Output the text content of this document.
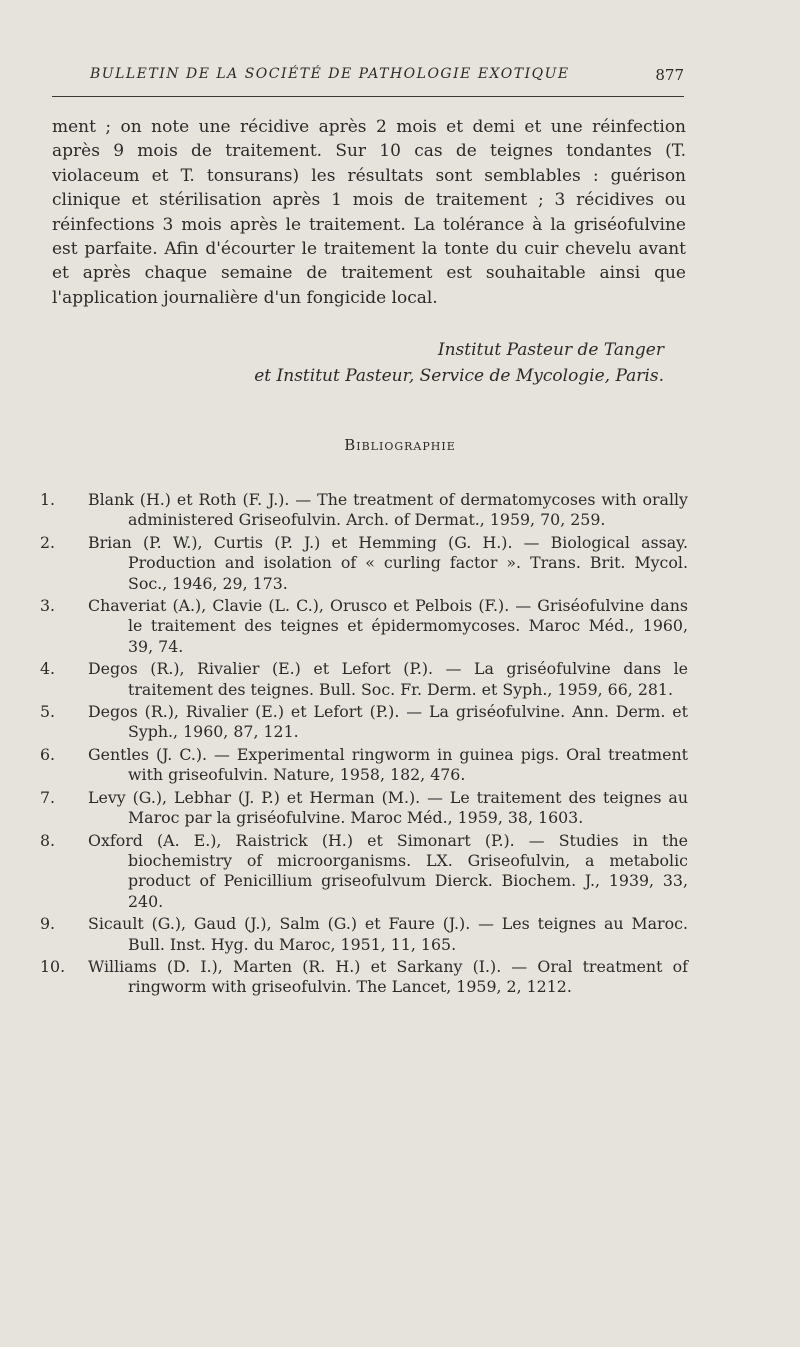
BULLETIN DE LA SOCIÉTÉ DE PATHOLOGIE EXOTIQUE	877

ment ; on note une récidive après 2 mois et demi et une réinfection après 9 mois de traitement. Sur 10 cas de teignes tondantes (T. violaceum et T. tonsurans) les résultats sont semblables : guérison clinique et stérilisation après 1 mois de traitement ; 3 récidives ou réinfections 3 mois après le traitement. La tolérance à la griséofulvine est parfaite. Afin d'écourter le traitement la tonte du cuir chevelu avant et après chaque semaine de traitement est souhaitable ainsi que l'application journalière d'un fongicide local.

Institut Pasteur de Tanger
et Institut Pasteur, Service de Mycologie, Paris.
Bibliographie
1.	Blank (H.) et Roth (F. J.). — The treatment of dermatomycoses with orally administered Griseofulvin. Arch. of Dermat., 1959, 70, 259.
2.	Brian (P. W.), Curtis (P. J.) et Hemming (G. H.). — Biological assay. Production and isolation of « curling factor ». Trans. Brit. Mycol. Soc., 1946, 29, 173.
3.	Chaveriat (A.), Clavie (L. C.), Orusco et Pelbois (F.). — Griséofulvine dans le traitement des teignes et épidermomycoses. Maroc Méd., 1960, 39, 74.
4.	Degos (R.), Rivalier (E.) et Lefort (P.). — La griséofulvine dans le traitement des teignes. Bull. Soc. Fr. Derm. et Syph., 1959, 66, 281.
5.	Degos (R.), Rivalier (E.) et Lefort (P.). — La griséofulvine. Ann. Derm. et Syph., 1960, 87, 121.
6.	Gentles (J. C.). — Experimental ringworm in guinea pigs. Oral treatment with griseofulvin. Nature, 1958, 182, 476.
7.	Levy (G.), Lebhar (J. P.) et Herman (M.). — Le traitement des teignes au Maroc par la griséofulvine. Maroc Méd., 1959, 38, 1603.
8.	Oxford (A. E.), Raistrick (H.) et Simonart (P.). — Studies in the biochemistry of microorganisms. LX. Griseofulvin, a metabolic product of Penicillium griseofulvum Dierck. Biochem. J., 1939, 33, 240.
9.	Sicault (G.), Gaud (J.), Salm (G.) et Faure (J.). — Les teignes au Maroc. Bull. Inst. Hyg. du Maroc, 1951, 11, 165.
10.	Williams (D. I.), Marten (R. H.) et Sarkany (I.). — Oral treatment of ringworm with griseofulvin. The Lancet, 1959, 2, 1212.
